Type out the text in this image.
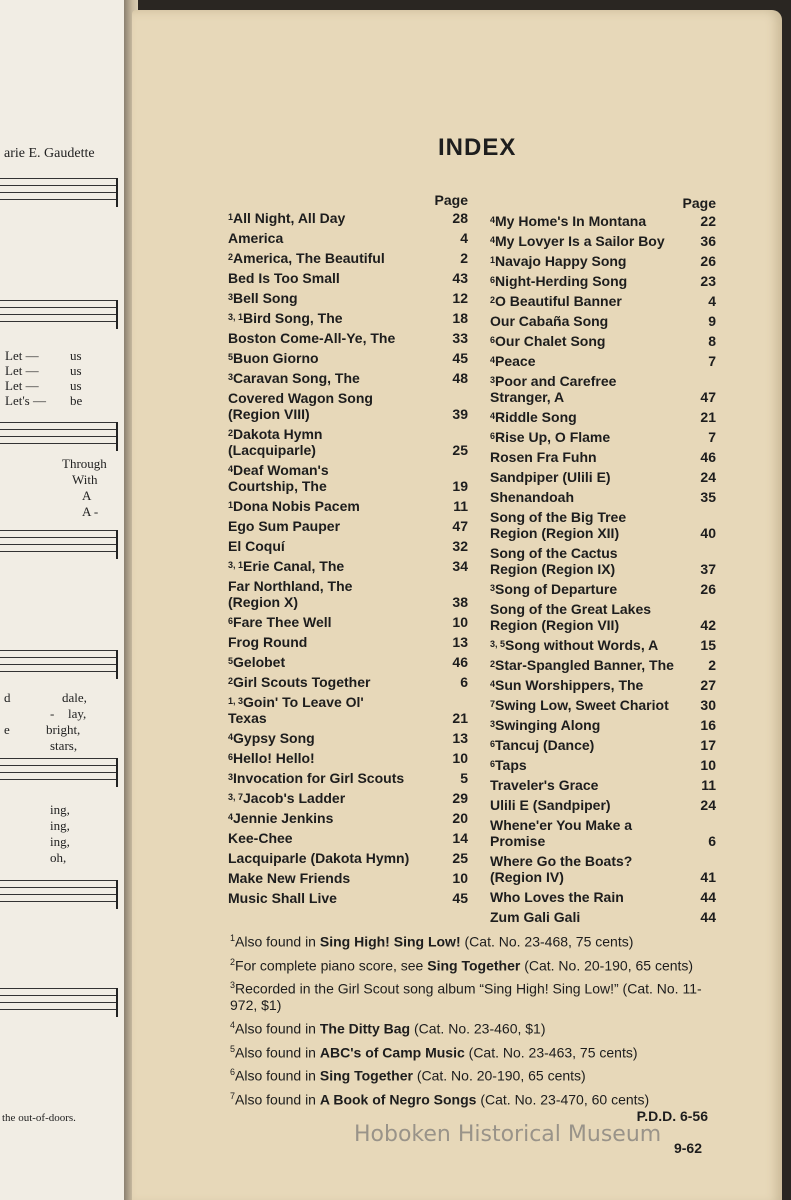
arie E. Gaudette
Let — us
Let — us
Let — us
Let's — be
Through
With
A
A -
d	dale,
- lay,
e	bright,
stars,
ing,
ing,
ing,
oh,
the out-of-doors.
INDEX
Page
$^1$All Night, All Day	28
America	4
$^2$America, The Beautiful	2
Bed Is Too Small	43
$^3$Bell Song	12
$^{3, 1}$Bird Song, The	18
Boston Come-All-Ye, The	33
$^5$Buon Giorno	45
$^3$Caravan Song, The	48
Covered Wagon Song
(Region VIII)	39
$^2$Dakota Hymn
(Lacquiparle)	25
$^4$Deaf Woman's
Courtship, The	19
$^1$Dona Nobis Pacem	11
Ego Sum Pauper	47
El Coquí	32
$^{3, 1}$Erie Canal, The	34
Far Northland, The
(Region X)	38
$^6$Fare Thee Well	10
Frog Round	13
$^5$Gelobet	46
$^2$Girl Scouts Together	6
$^{1, 3}$Goin' To Leave Ol'
Texas	21
$^4$Gypsy Song	13
$^6$Hello! Hello!	10
$^3$Invocation for Girl Scouts	5
$^{3, 7}$Jacob's Ladder	29
$^4$Jennie Jenkins	20
Kee-Chee	14
Lacquiparle (Dakota Hymn)	25
Make New Friends	10
Music Shall Live	45
Page
$^4$My Home's In Montana	22
$^4$My Lovyer Is a Sailor Boy	36
$^1$Navajo Happy Song	26
$^6$Night-Herding Song	23
$^2$O Beautiful Banner	4
Our Cabaña Song	9
$^6$Our Chalet Song	8
$^4$Peace	7
$^3$Poor and Carefree
Stranger, A	47
$^4$Riddle Song	21
$^6$Rise Up, O Flame	7
Rosen Fra Fuhn	46
Sandpiper (Ulili E)	24
Shenandoah	35
Song of the Big Tree
Region (Region XII)	40
Song of the Cactus
Region (Region IX)	37
$^3$Song of Departure	26
Song of the Great Lakes
Region (Region VII)	42
$^{3, 5}$Song without Words, A	15
$^2$Star-Spangled Banner, The	2
$^4$Sun Worshippers, The	27
$^7$Swing Low, Sweet Chariot	30
$^3$Swinging Along	16
$^6$Tancuj (Dance)	17
$^6$Taps	10
Traveler's Grace	11
Ulili E (Sandpiper)	24
Whene'er You Make a
Promise	6
Where Go the Boats?
(Region IV)	41
Who Loves the Rain	44
Zum Gali Gali	44
$^1$Also found in Sing High! Sing Low! (Cat. No. 23-468, 75 cents)
$^2$For complete piano score, see Sing Together (Cat. No. 20-190, 65 cents)
$^3$Recorded in the Girl Scout song album “Sing High! Sing Low!” (Cat. No. 11-972, $1)
$^4$Also found in The Ditty Bag (Cat. No. 23-460, $1)
$^5$Also found in ABC's of Camp Music (Cat. No. 23-463, 75 cents)
$^6$Also found in Sing Together (Cat. No. 20-190, 65 cents)
$^7$Also found in A Book of Negro Songs (Cat. No. 23-470, 60 cents)
P.D.D. 6-56
9-62
Hoboken Historical Museum
